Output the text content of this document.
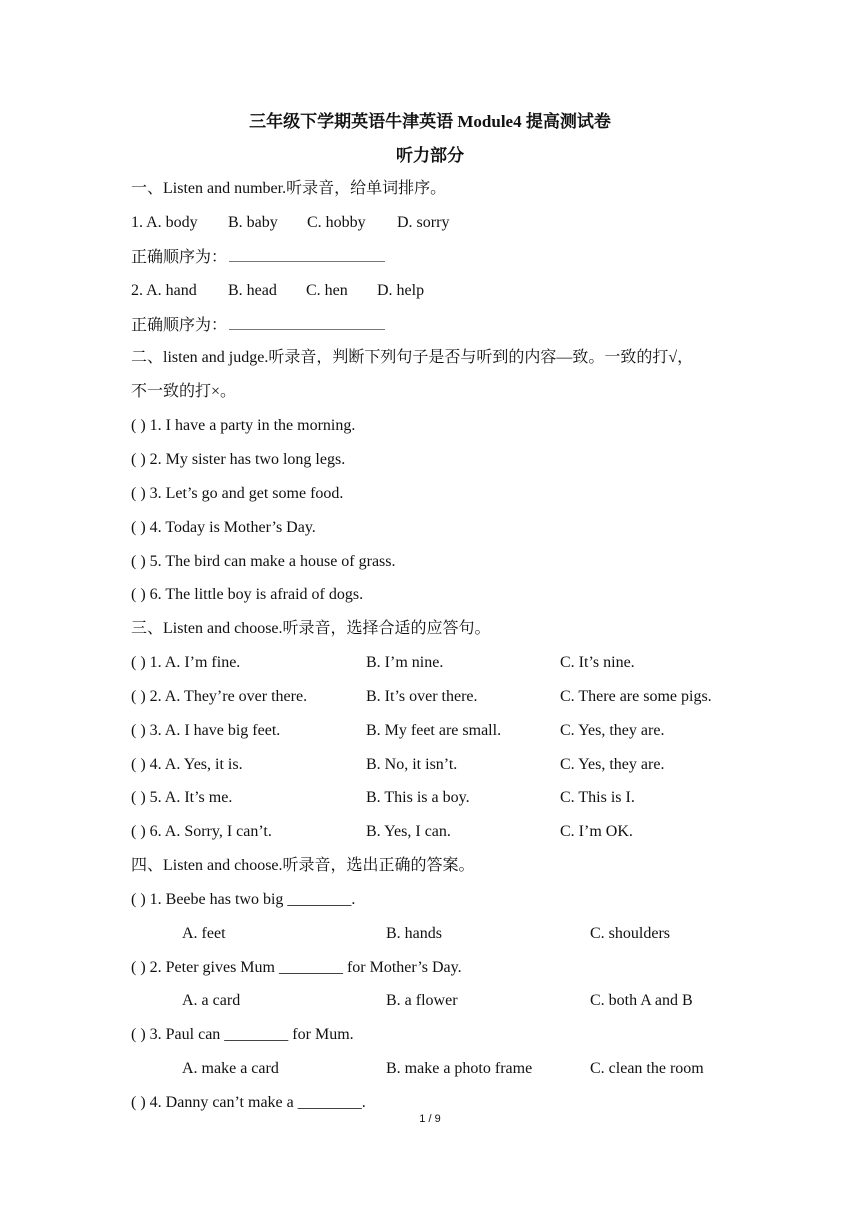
三年级下学期英语牛津英语 Module4 提高测试卷
听力部分
一、Listen and number.听录音，给单词排序。
1. A. body B. baby C. hobby D. sorry
正确顺序为：
2. A. hand B. head C. hen D. help
正确顺序为：
二、listen and judge.听录音，判断下列句子是否与听到的内容—致。一致的打√，
不一致的打×。
( ) 1. I have a party in the morning.
( ) 2. My sister has two long legs.
( ) 3. Let’s go and get some food.
( ) 4. Today is Mother’s Day.
( ) 5. The bird can make a house of grass.
( ) 6. The little boy is afraid of dogs.
三、Listen and choose.听录音，选择合适的应答句。
( ) 1. A. I’m fine.	B. I’m nine.	C. It’s nine.
( ) 2. A. They’re over there.	B. It’s over there.	C. There are some pigs.
( ) 3. A. I have big feet.	B. My feet are small.	C. Yes, they are.
( ) 4. A. Yes, it is.	B. No, it isn’t.	C. Yes, they are.
( ) 5. A. It’s me.	B. This is a boy.	C. This is I.
( ) 6. A. Sorry, I can’t.	B. Yes, I can.	C. I’m OK.
四、Listen and choose.听录音，选出正确的答案。
( ) 1. Beebe has two big ________.
A. feet	B. hands	C. shoulders
( ) 2. Peter gives Mum ________ for Mother’s Day.
A. a card	B. a flower	C. both A and B
( ) 3. Paul can ________ for Mum.
A. make a card	B. make a photo frame	C. clean the room
( ) 4. Danny can’t make a ________.
1 / 9
